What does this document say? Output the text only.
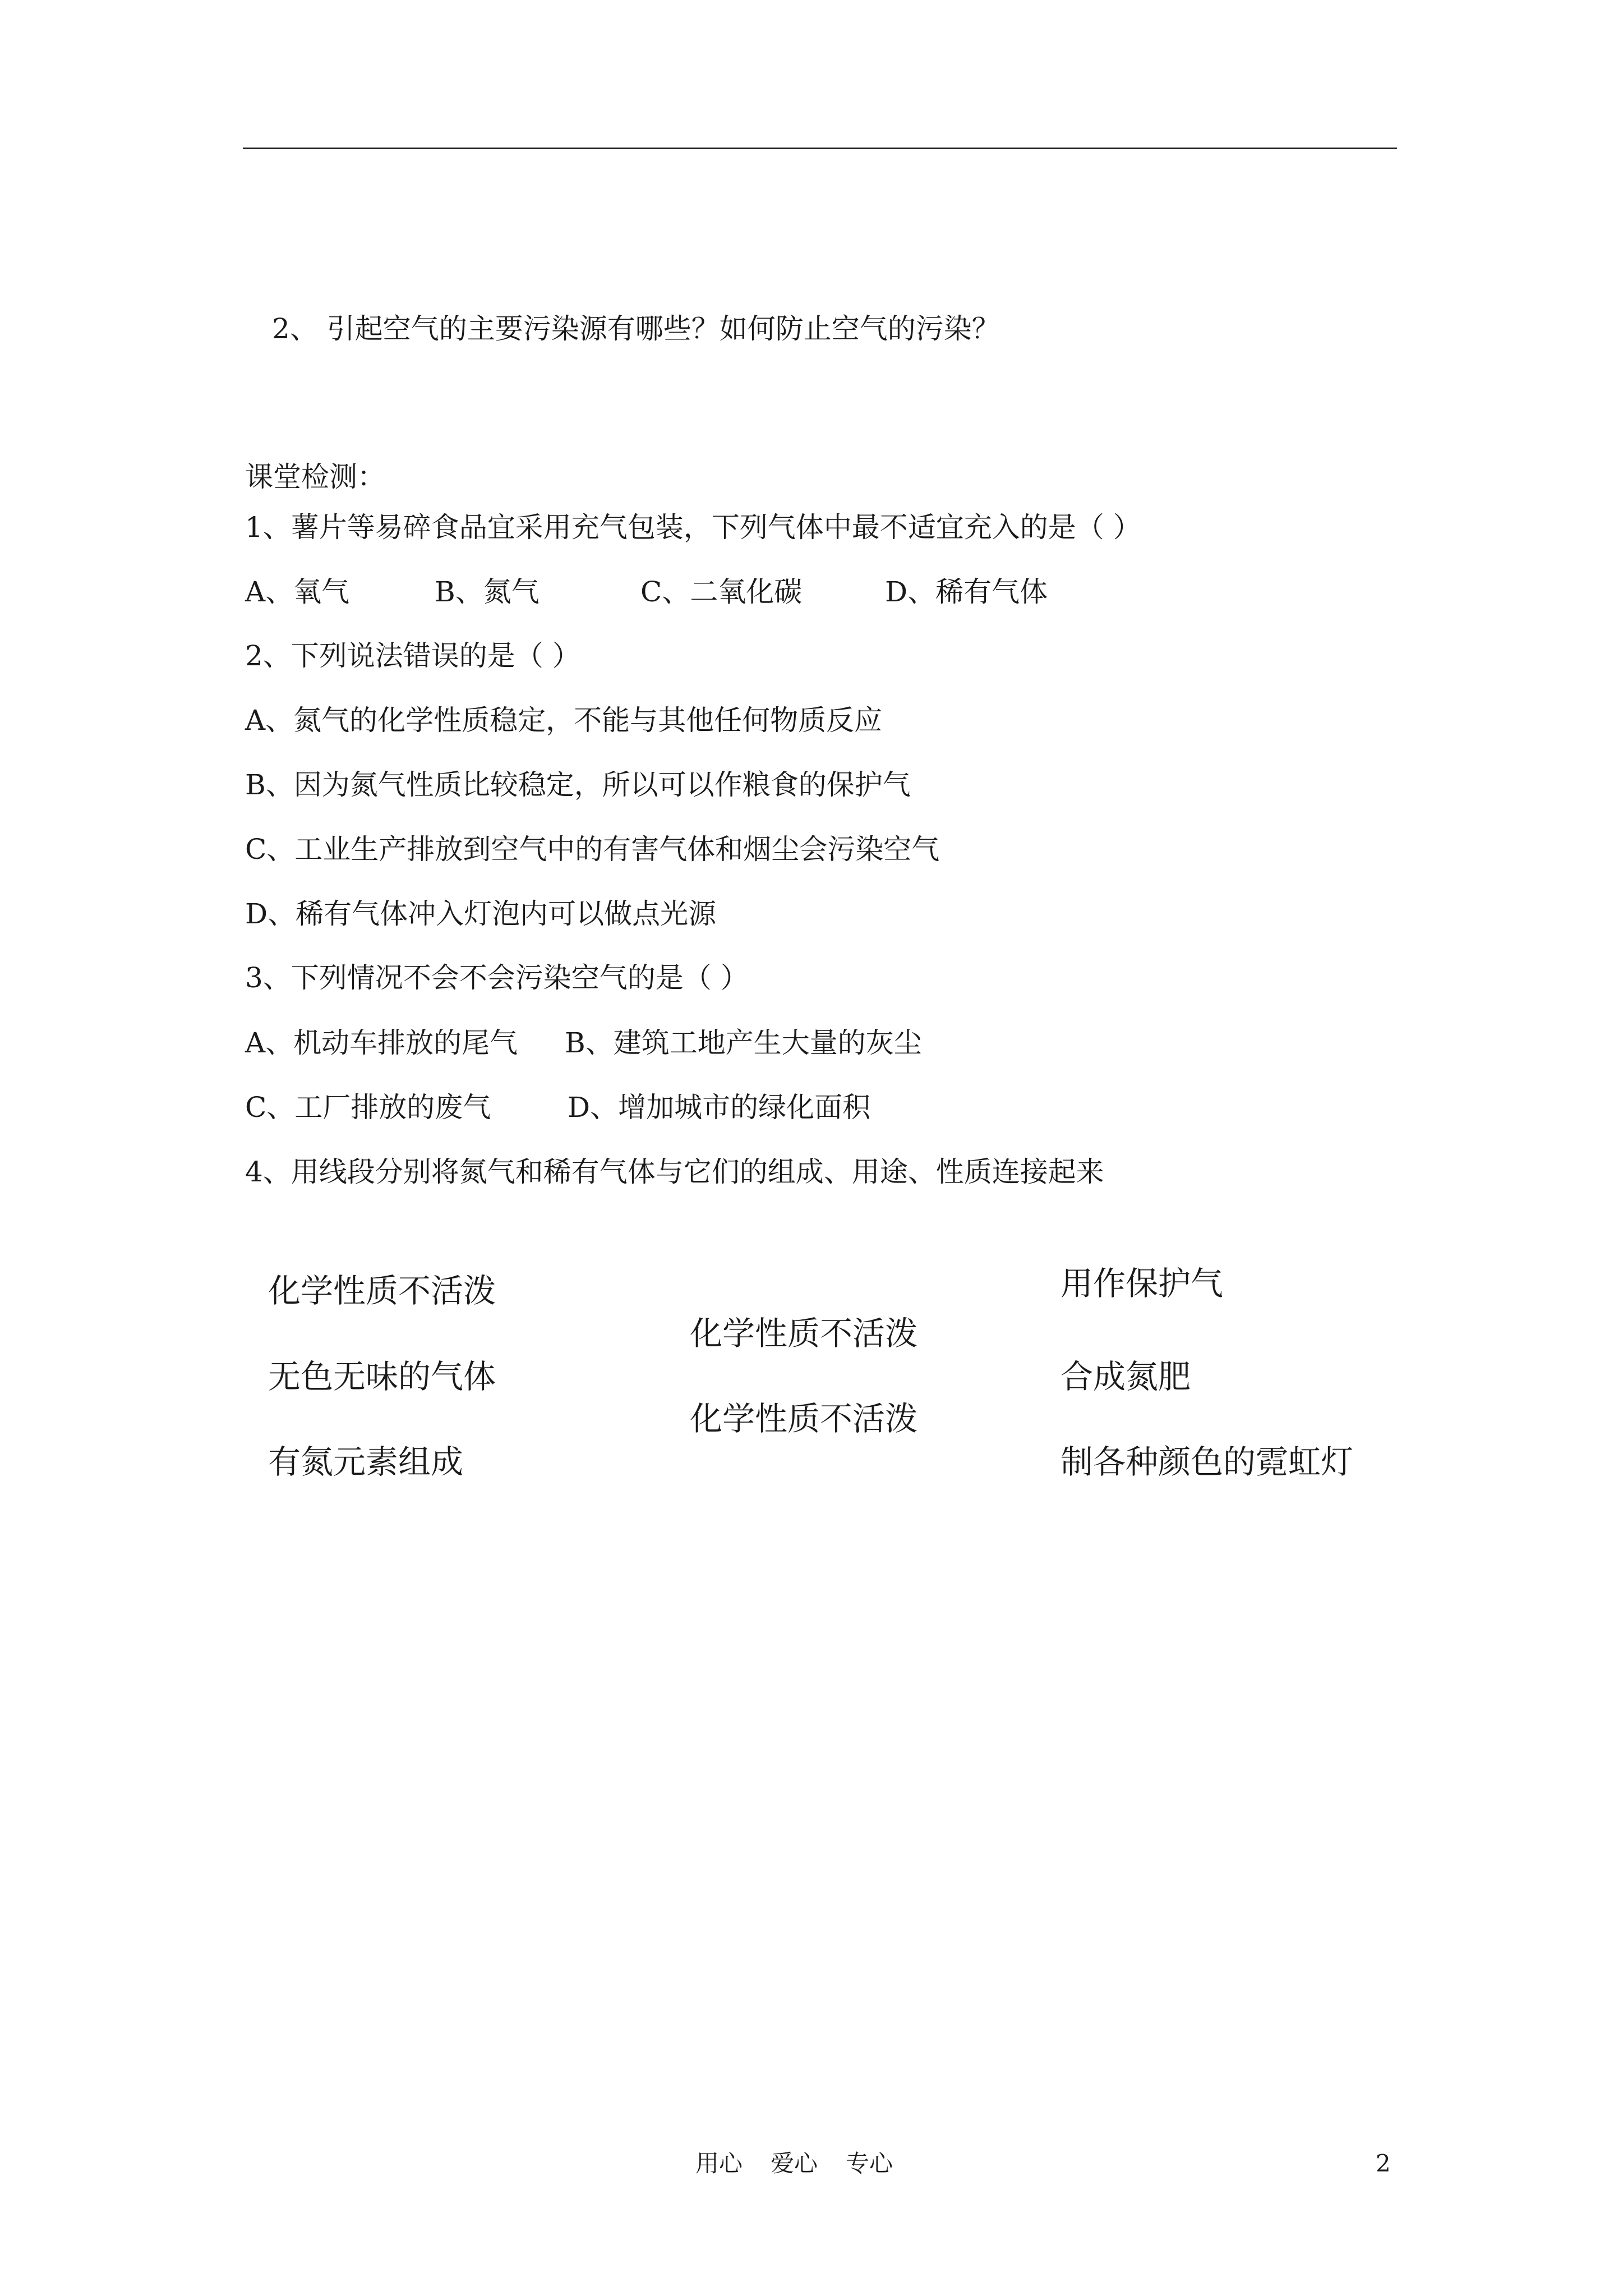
2、 引起空气的主要污染源有哪些？如何防止空气的污染？
课堂检测：
1、薯片等易碎食品宜采用充气包装，下列气体中最不适宜充入的是（ ）
A、氧气	B、氮气	C、二氧化碳	D、稀有气体
2、下列说法错误的是（ ）
A、氮气的化学性质稳定，不能与其他任何物质反应
B、因为氮气性质比较稳定，所以可以作粮食的保护气
C、工业生产排放到空气中的有害气体和烟尘会污染空气
D、稀有气体冲入灯泡内可以做点光源
3、下列情况不会不会污染空气的是（ ）
A、机动车排放的尾气 B、建筑工地产生大量的灰尘
C、工厂排放的废气	D、增加城市的绿化面积
4、用线段分别将氮气和稀有气体与它们的组成、用途、性质连接起来
化学性质不活泼
无色无味的气体
有氮元素组成
化学性质不活泼
化学性质不活泼
用作保护气
合成氮肥
制各种颜色的霓虹灯
用心 爱心 专心	2
